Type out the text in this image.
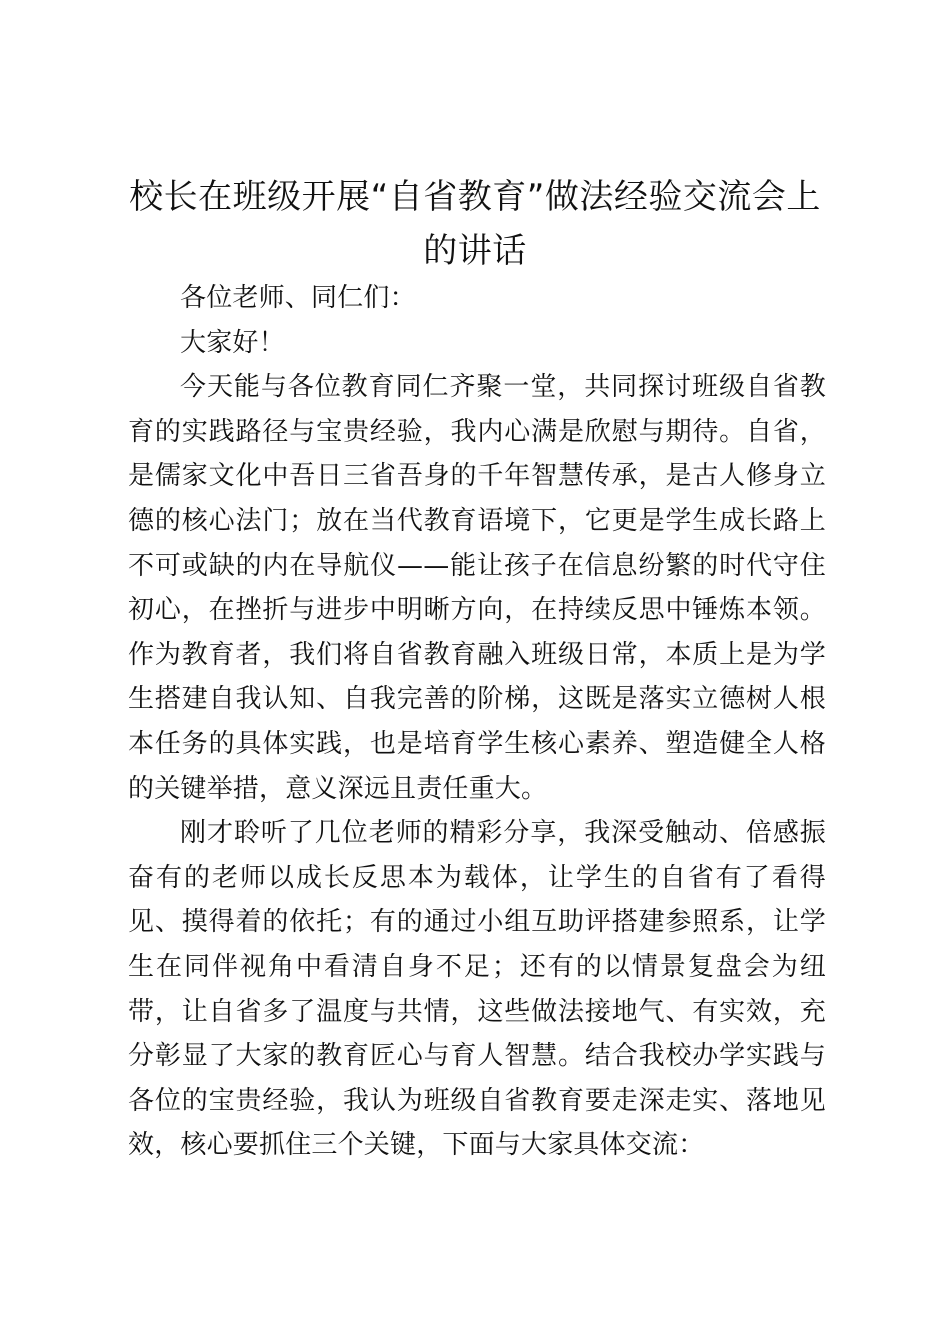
校长在班级开展“自省教育”做法经验交流会上的讲话

各位老师、同仁们：

大家好！

今天能与各位教育同仁齐聚一堂，共同探讨班级自省教育的实践路径与宝贵经验，我内心满是欣慰与期待。自省，是儒家文化中吾日三省吾身的千年智慧传承，是古人修身立德的核心法门；放在当代教育语境下，它更是学生成长路上不可或缺的内在导航仪——能让孩子在信息纷繁的时代守住初心，在挫折与进步中明晰方向，在持续反思中锤炼本领。作为教育者，我们将自省教育融入班级日常，本质上是为学生搭建自我认知、自我完善的阶梯，这既是落实立德树人根本任务的具体实践，也是培育学生核心素养、塑造健全人格的关键举措，意义深远且责任重大。

刚才聆听了几位老师的精彩分享，我深受触动、倍感振奋有的老师以成长反思本为载体，让学生的自省有了看得见、摸得着的依托；有的通过小组互助评搭建参照系，让学生在同伴视角中看清自身不足；还有的以情景复盘会为纽带，让自省多了温度与共情，这些做法接地气、有实效，充分彰显了大家的教育匠心与育人智慧。结合我校办学实践与各位的宝贵经验，我认为班级自省教育要走深走实、落地见效，核心要抓住三个关键，下面与大家具体交流：
